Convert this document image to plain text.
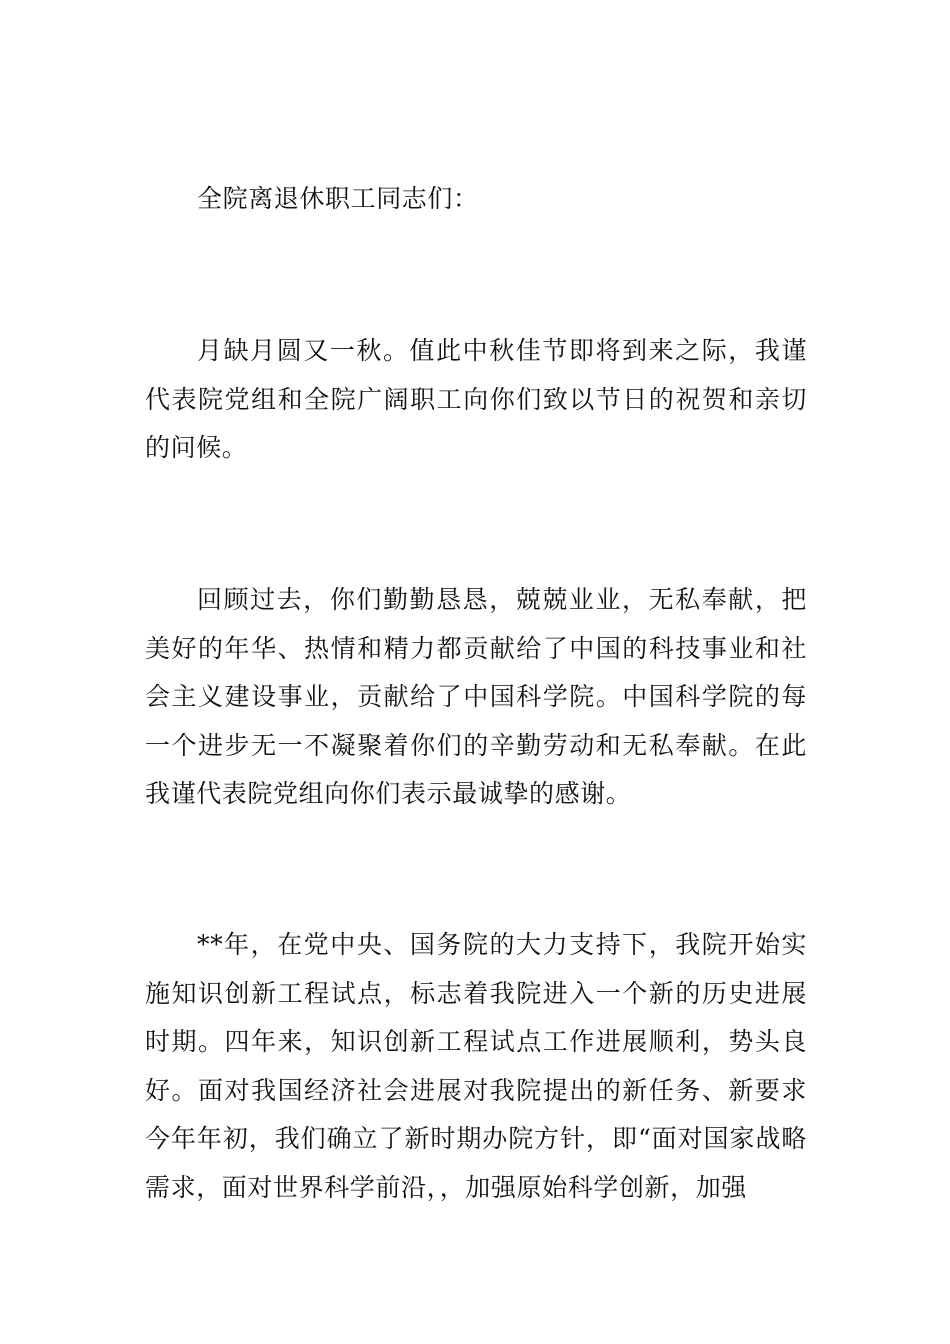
全院离退休职工同志们：
月缺月圆又一秋。值此中秋佳节即将到来之际，我谨代表院党组和全院广阔职工向你们致以节日的祝贺和亲切的问候。
回顾过去，你们勤勤恳恳，兢兢业业，无私奉献，把美好的年华、热情和精力都贡献给了中国的科技事业和社会主义建设事业，贡献给了中国科学院。中国科学院的每一个进步无一不凝聚着你们的辛勤劳动和无私奉献。在此我谨代表院党组向你们表示最诚挚的感谢。
**年，在党中央、国务院的大力支持下，我院开始实施知识创新工程试点，标志着我院进入一个新的历史进展时期。四年来，知识创新工程试点工作进展顺利，势头良好。面对我国经济社会进展对我院提出的新任务、新要求今年年初，我们确立了新时期办院方针，即“面对国家战略需求，面对世界科学前沿，，加强原始科学创新，加强
